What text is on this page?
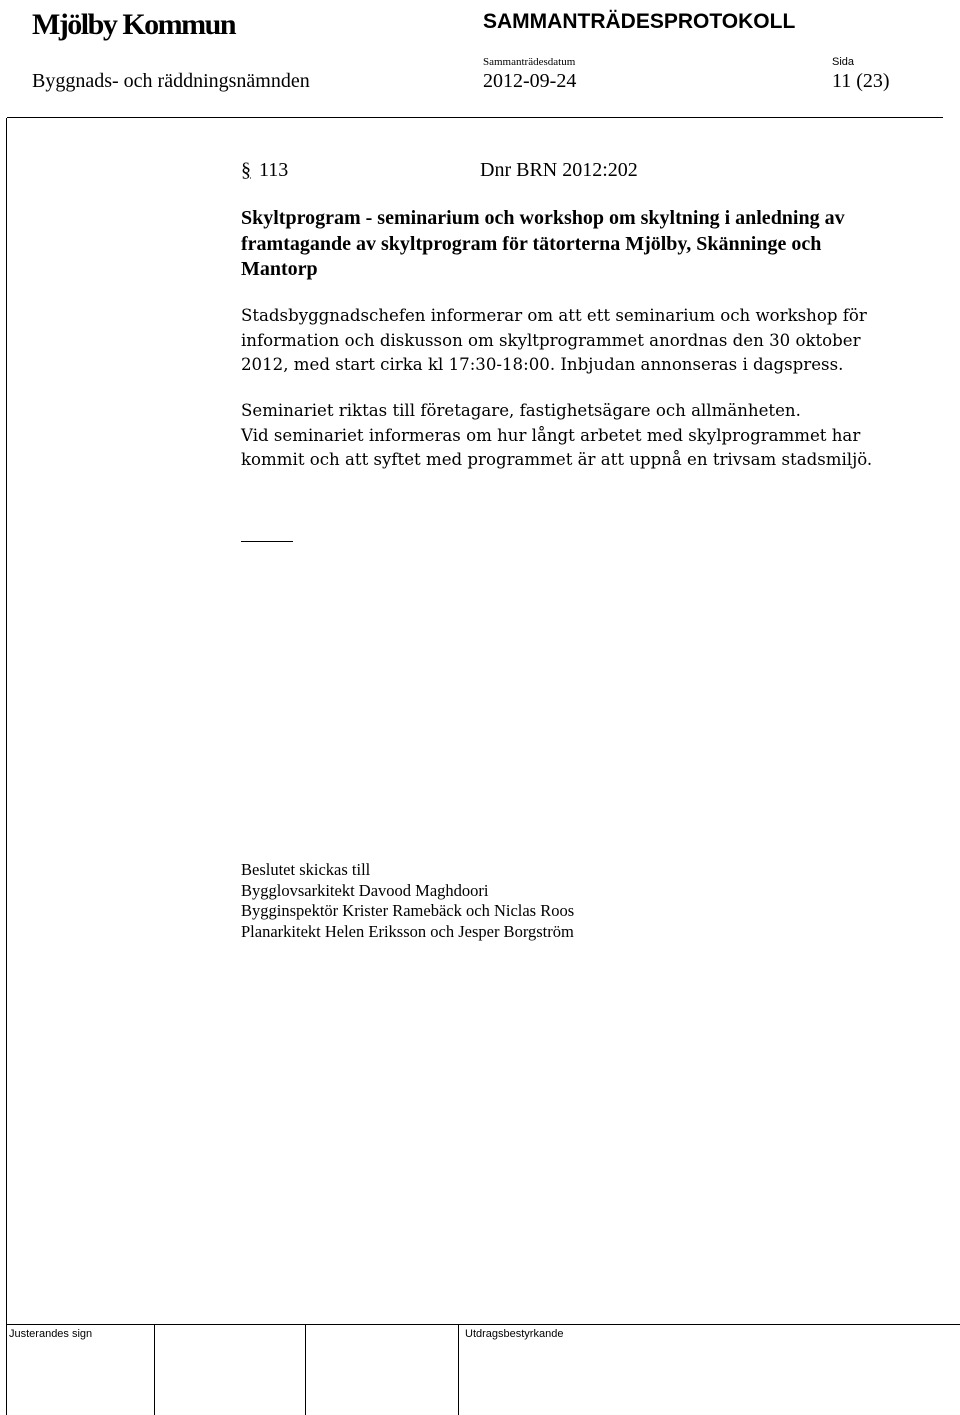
Mjölby Kommun	SAMMANTRÄDESPROTOKOLL
Sammanträdesdatum	Sida
Byggnads- och räddningsnämnden	2012-09-24	11 (23)
§ 113	Dnr BRN 2012:202
Skyltprogram - seminarium och workshop om skyltning i anledning av
framtagande av skyltprogram för tätorterna Mjölby, Skänninge och
Mantorp
Stadsbyggnadschefen informerar om att ett seminarium och workshop för
information och diskusson om skyltprogrammet anordnas den 30 oktober
2012, med start cirka kl 17:30-18:00. Inbjudan annonseras i dagspress.
Seminariet riktas till företagare, fastighetsägare och allmänheten.
Vid seminariet informeras om hur långt arbetet med skylprogrammet har
kommit och att syftet med programmet är att uppnå en trivsam stadsmiljö.
Beslutet skickas till
Bygglovsarkitekt Davood Maghdoori
Bygginspektör Krister Ramebäck och Niclas Roos
Planarkitekt Helen Eriksson och Jesper Borgström
Justerandes sign	Utdragsbestyrkande
